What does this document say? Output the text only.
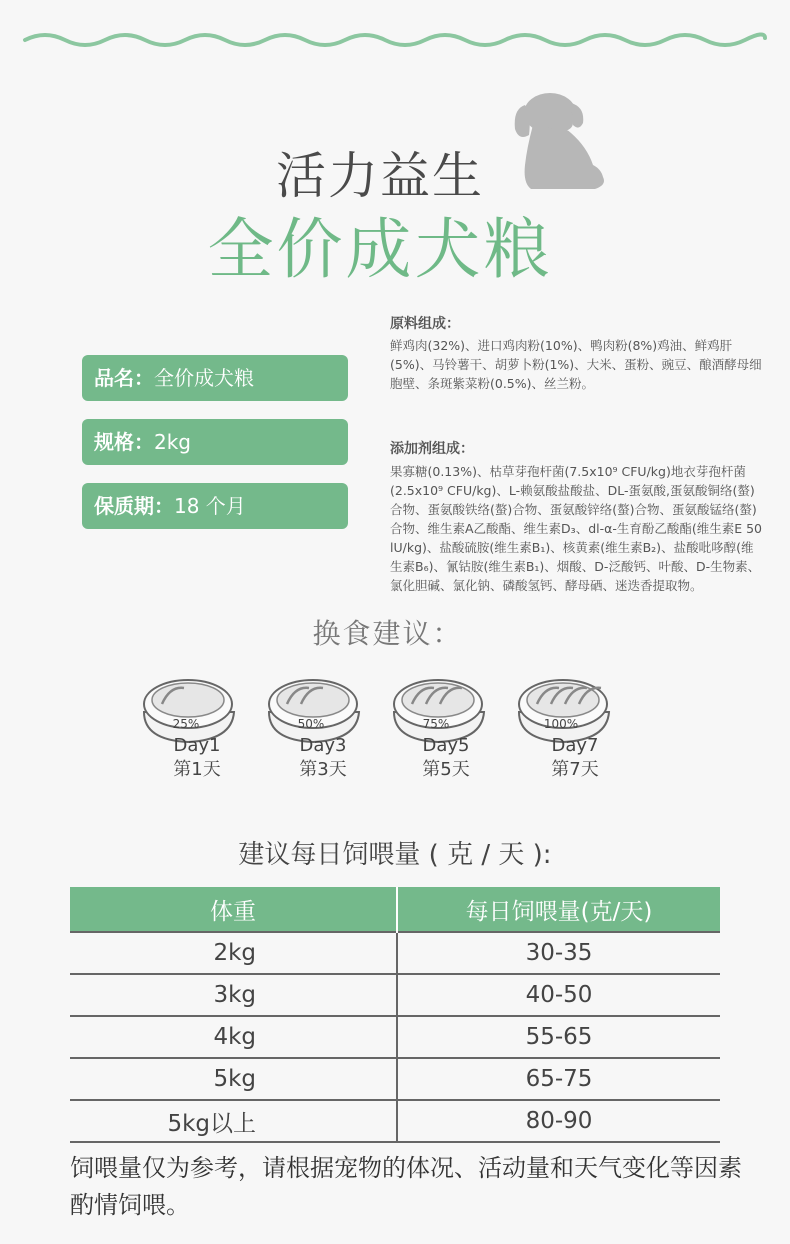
活力益生
全价成犬粮
品名：全价成犬粮
规格：2kg
保质期：18 个月
原料组成：
鲜鸡肉(32%)、进口鸡肉粉(10%)、鸭肉粉(8%)鸡油、鲜鸡肝(5%)、马铃薯干、胡萝卜粉(1%)、大米、蛋粉、豌豆、酿酒酵母细胞壁、条斑紫菜粉(0.5%)、丝兰粉。
添加剂组成：
果寡糖(0.13%)、枯草芽孢杆菌(7.5x10⁹ CFU/kg)地衣芽孢杆菌(2.5x10⁹ CFU/kg)、L-赖氨酸盐酸盐、DL-蛋氨酸,蛋氨酸铜络(螯)合物、蛋氨酸铁络(螯)合物、蛋氨酸锌络(螯)合物、蛋氨酸锰络(螯)合物、维生素A乙酸酯、维生素D₃、dl-α-生育酚乙酸酯(维生素E 50 lU/kg)、盐酸硫胺(维生素B₁)、核黄素(维生素B₂)、盐酸吡哆醇(维生素B₆)、氰钴胺(维生素B₁)、烟酸、D-泛酸钙、叶酸、D-生物素、氯化胆碱、氯化钠、磷酸氢钙、酵母硒、迷迭香提取物。
换食建议：
25%
Day1
第1天
50%
Day3
第3天
75%
Day5
第5天
100%
Day7
第7天
建议每日饲喂量 ( 克 / 天 ):
体重	每日饲喂量(克/天)
2kg	30-35
3kg	40-50
4kg	55-65
5kg	65-75
5kg以上	80-90
饲喂量仅为参考，请根据宠物的体况、活动量和天气变化等因素酌情饲喂。
